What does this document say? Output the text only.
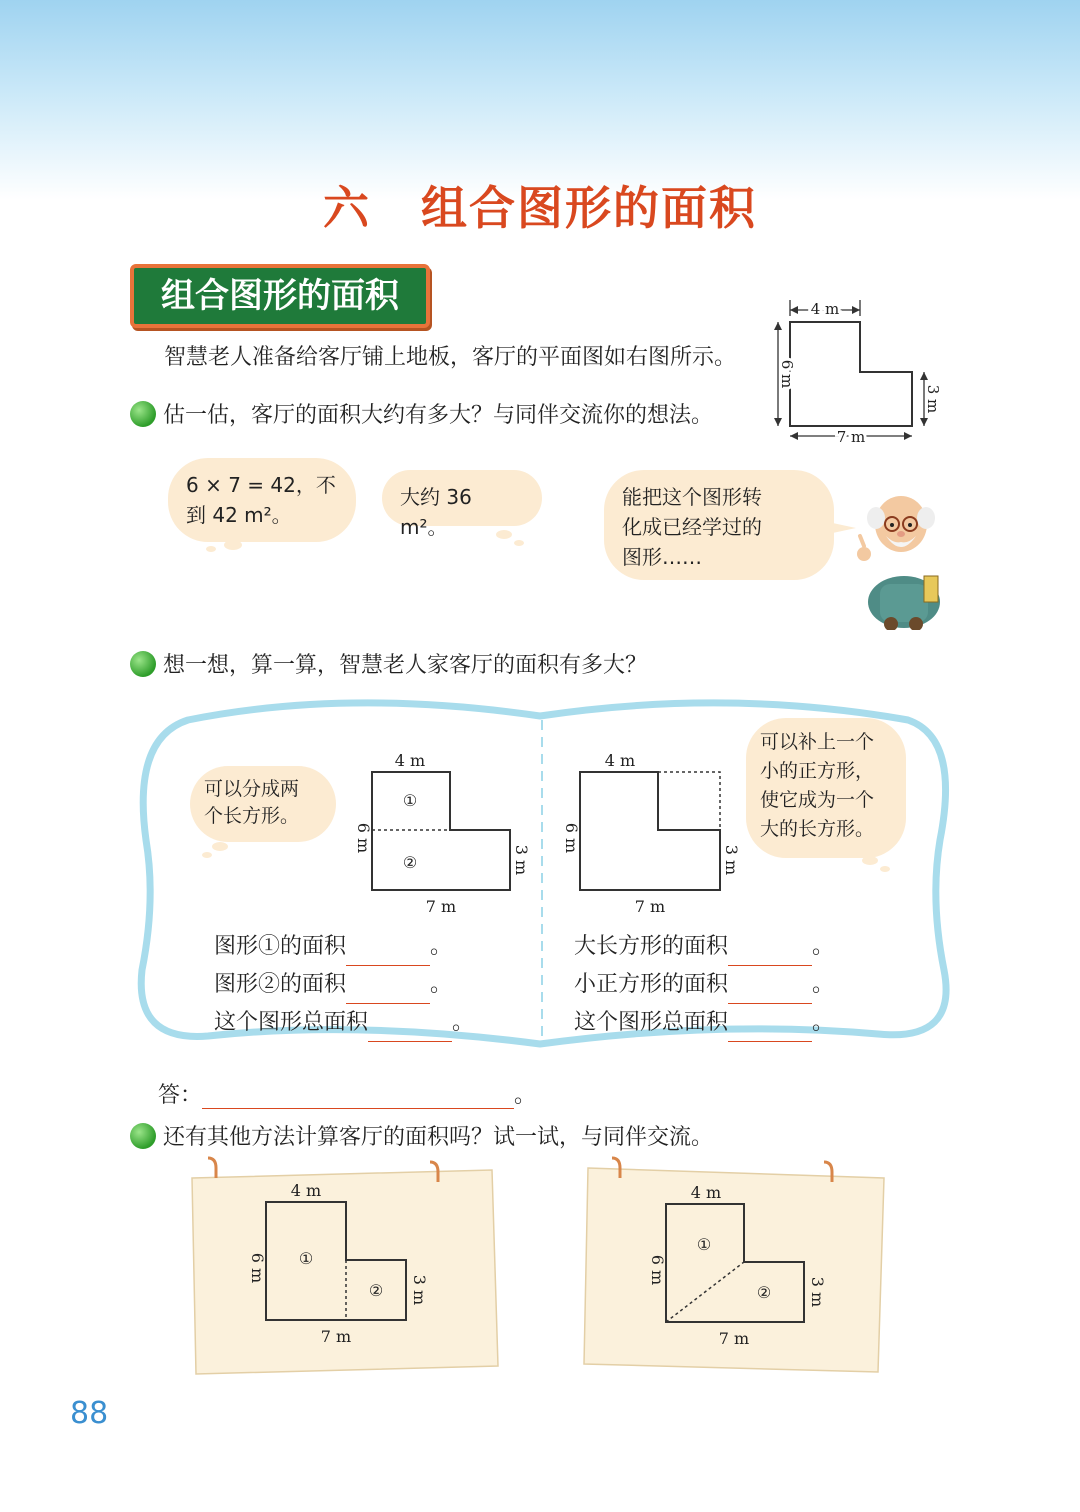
六 组合图形的面积
组合图形的面积
智慧老人准备给客厅铺上地板，客厅的平面图如右图所示。
4 m
6 m
3 m
7 m
估一估，客厅的面积大约有多大？与同伴交流你的想法。
6 × 7 = 42，不
到 42 m²。
大约 36 m²。
能把这个图形转
化成已经学过的
图形……
想一想，算一算，智慧老人家客厅的面积有多大？
可以分成两
个长方形。
4 m
①
②
6 m
3 m
7 m
4 m
6 m
3 m
7 m
可以补上一个
小的正方形，
使它成为一个
大的长方形。
图形①的面积	。
图形②的面积	。
这个图形总面积	。
大长方形的面积	。
小正方形的面积	。
这个图形总面积	。
答：	。
还有其他方法计算客厅的面积吗？试一试，与同伴交流。
4 m
①
②
6 m
3 m
7 m
4 m
①
②
6 m
3 m
7 m
88
